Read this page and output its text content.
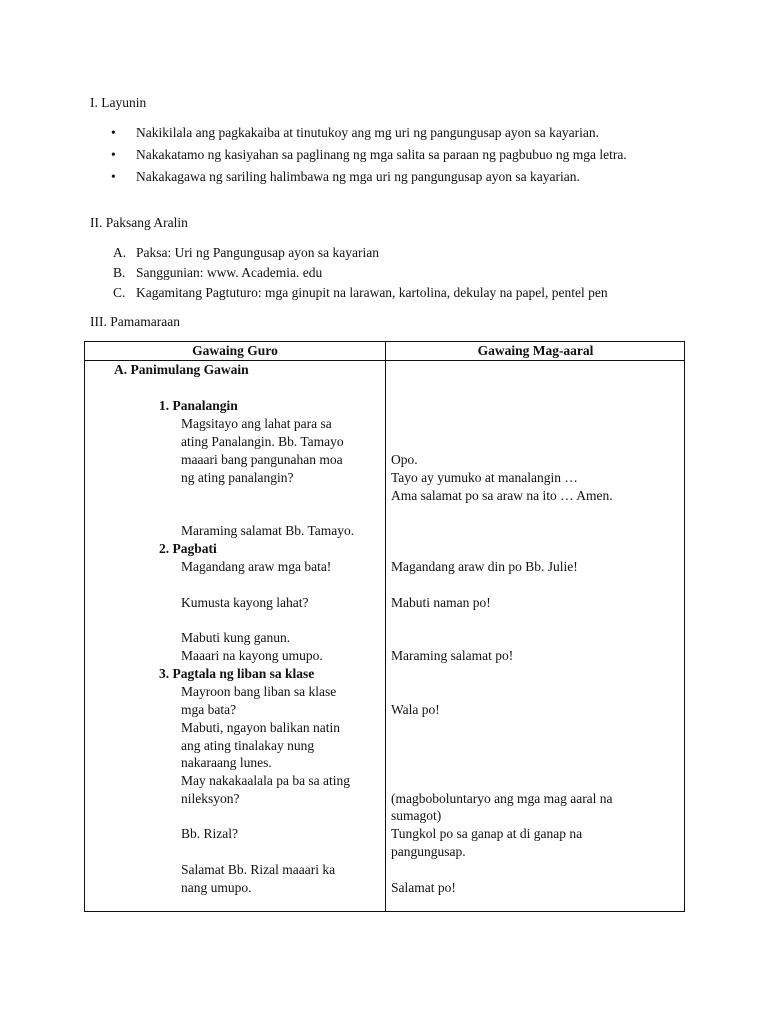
I. Layunin
• Nakikilala ang pagkakaiba at tinutukoy ang mg uri ng pangungusap ayon sa kayarian.
• Nakakatamo ng kasiyahan sa paglinang ng mga salita sa paraan ng pagbubuo ng mga letra.
• Nakakagawa ng sariling halimbawa ng mga uri ng pangungusap ayon sa kayarian.
II. Paksang Aralin
A. Paksa: Uri ng Pangungusap ayon sa kayarian
B. Sanggunian: www. Academia. edu
C. Kagamitang Pagtuturo: mga ginupit na larawan, kartolina, dekulay na papel, pentel pen
III. Pamamaraan
Gawaing Guro	Gawaing Mag-aaral
A. Panimulang Gawain
1. Panalangin
Magsitayo ang lahat para sa
ating Panalangin. Bb. Tamayo
maaari bang pangunahan moa
ng ating panalangin?
Maraming salamat Bb. Tamayo.
2. Pagbati
Magandang araw mga bata!
Kumusta kayong lahat?
Mabuti kung ganun.
Maaari na kayong umupo.
3. Pagtala ng liban sa klase
Mayroon bang liban sa klase
mga bata?
Mabuti, ngayon balikan natin
ang ating tinalakay nung
nakaraang lunes.
May nakakaalala pa ba sa ating
nileksyon?
Bb. Rizal?
Salamat Bb. Rizal maaari ka
nang umupo.
Opo.
Tayo ay yumuko at manalangin …
Ama salamat po sa araw na ito … Amen.
Magandang araw din po Bb. Julie!
Mabuti naman po!
Maraming salamat po!
Wala po!
(magboboluntaryo ang mga mag aaral na
sumagot)
Tungkol po sa ganap at di ganap na
pangungusap.
Salamat po!
